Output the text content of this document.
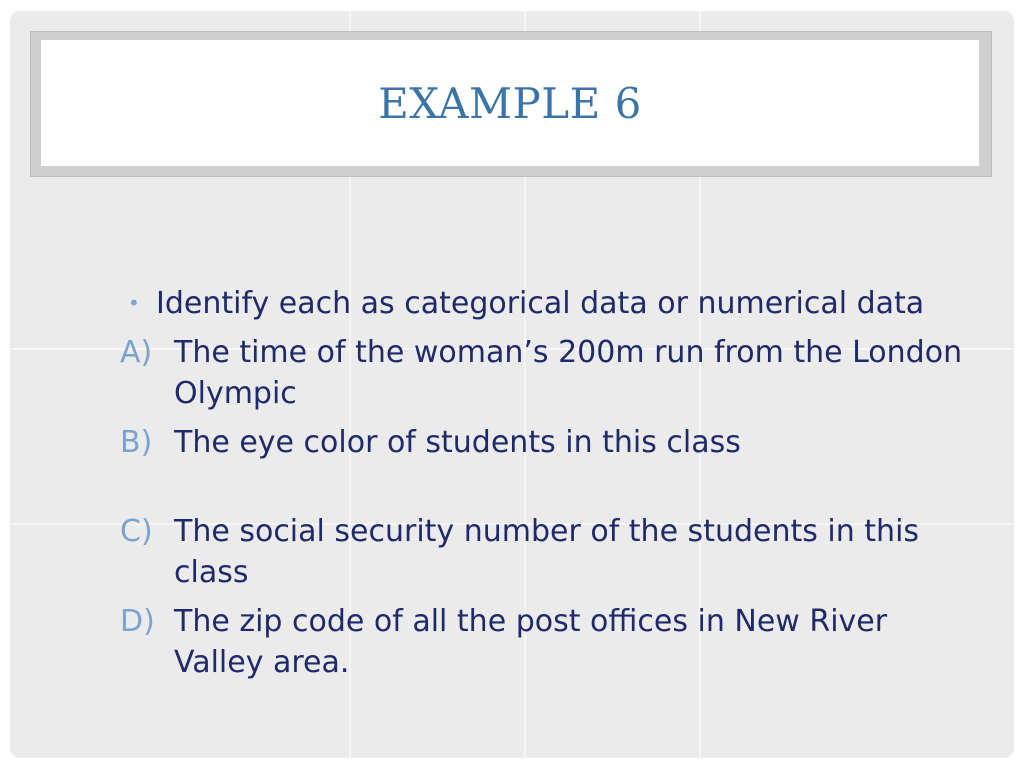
EXAMPLE 6
• Identify each as categorical data or numerical data
A) The time of the woman’s 200m run from the London Olympic
B) The eye color of students in this class
C) The social security number of the students in this class
D) The zip code of all the post offices in New River Valley area.
